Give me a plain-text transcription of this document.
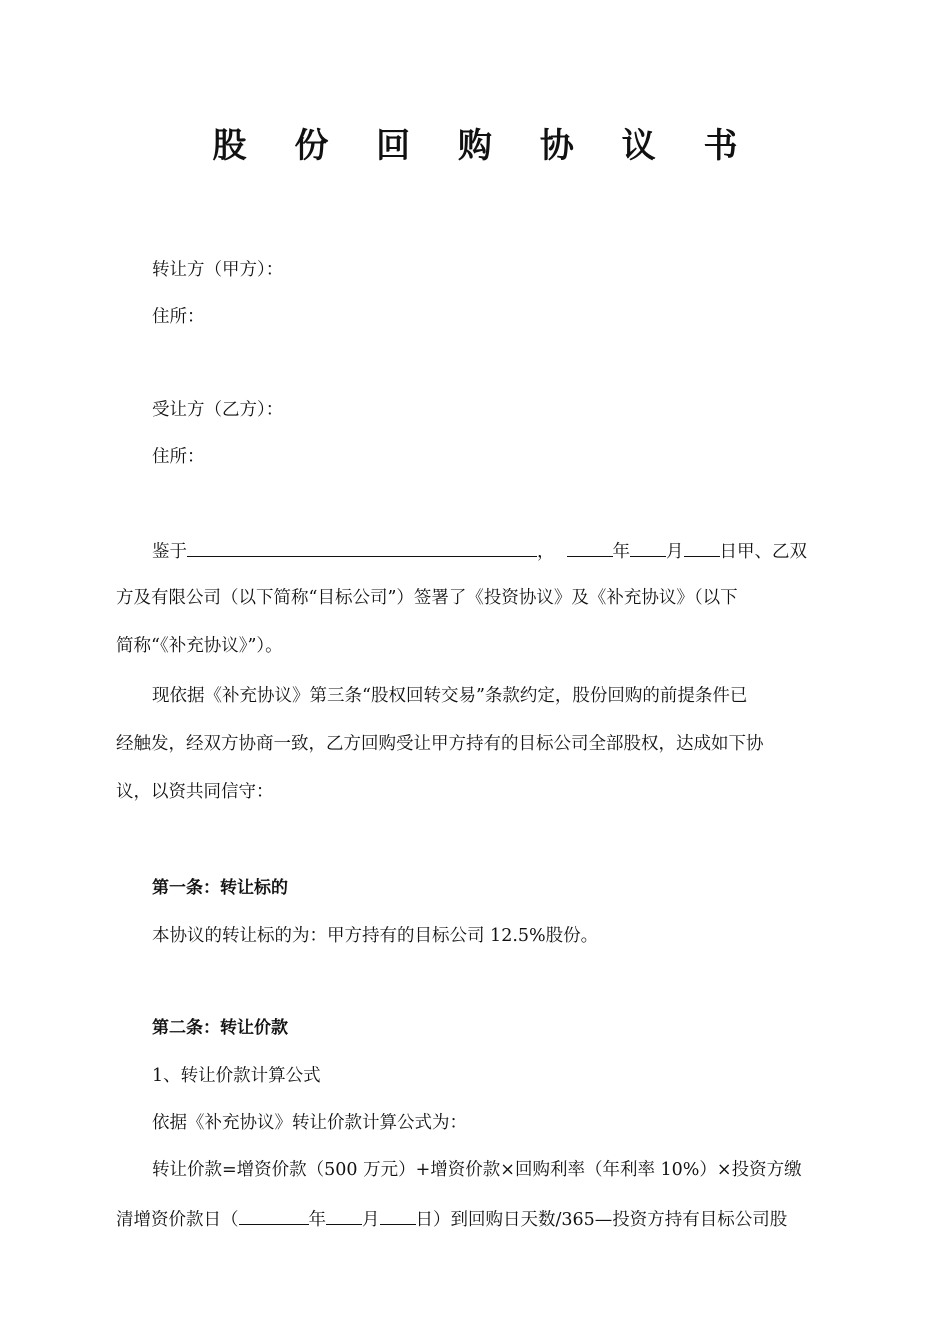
股 份 回 购 协 议 书
转让方（甲方）：
住所：
受让方（乙方）：
住所：
鉴于	，	年 月 日甲、乙双
方及有限公司（以下简称“目标公司”）签署了《投资协议》及《补充协议》（以下
简称“《补充协议》”）。
现依据《补充协议》第三条“股权回转交易”条款约定，股份回购的前提条件已
经触发，经双方协商一致，乙方回购受让甲方持有的目标公司全部股权，达成如下协
议，以资共同信守：
第一条：转让标的
本协议的转让标的为：甲方持有的目标公司 12.5%股份。
第二条：转让价款
1、转让价款计算公式
依据《补充协议》转让价款计算公式为：
转让价款=增资价款（500 万元）+增资价款×回购利率（年利率 10%）×投资方缴
清增资价款日（	年 月 日）到回购日天数/365—投资方持有目标公司股
